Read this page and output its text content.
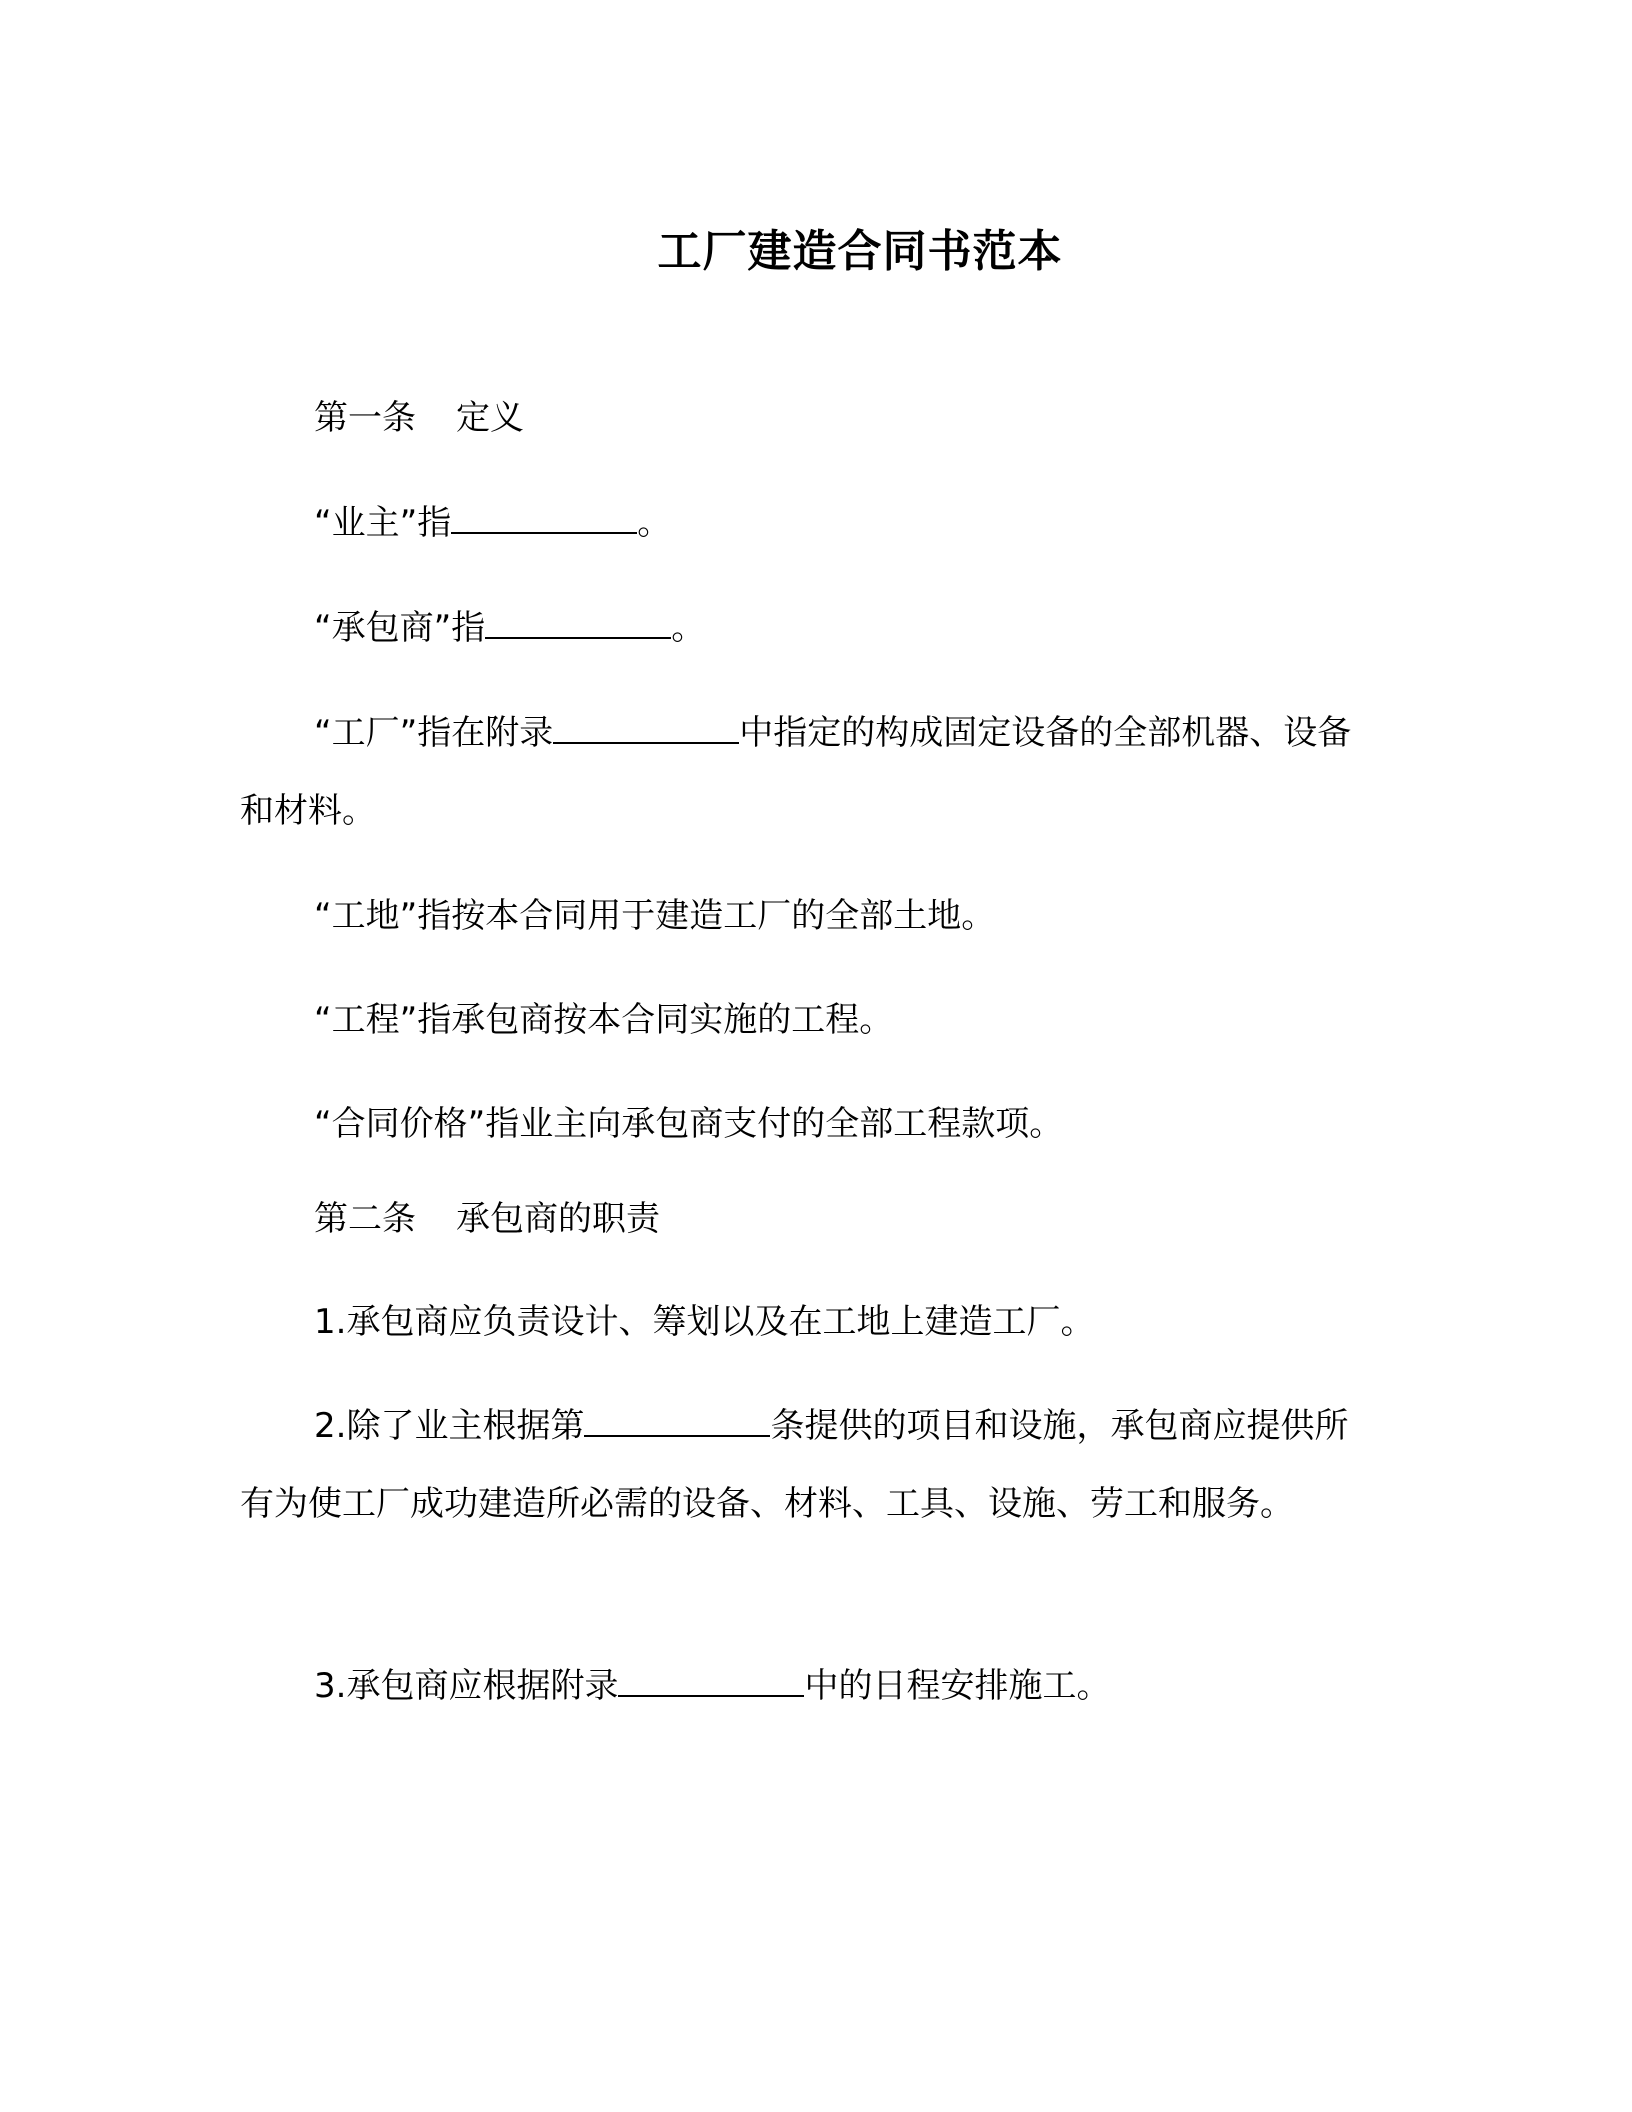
工厂建造合同书范本

第一条 定义

“业主”指	。

“承包商”指	。

“工厂”指在附录	中指定的构成固定设备的全部机器、设备和材料。

“工地”指按本合同用于建造工厂的全部土地。

“工程”指承包商按本合同实施的工程。

“合同价格”指业主向承包商支付的全部工程款项。

第二条 承包商的职责

1.承包商应负责设计、筹划以及在工地上建造工厂。

2.除了业主根据第	条提供的项目和设施，承包商应提供所有为使工厂成功建造所必需的设备、材料、工具、设施、劳工和服务。

3.承包商应根据附录	中的日程安排施工。
